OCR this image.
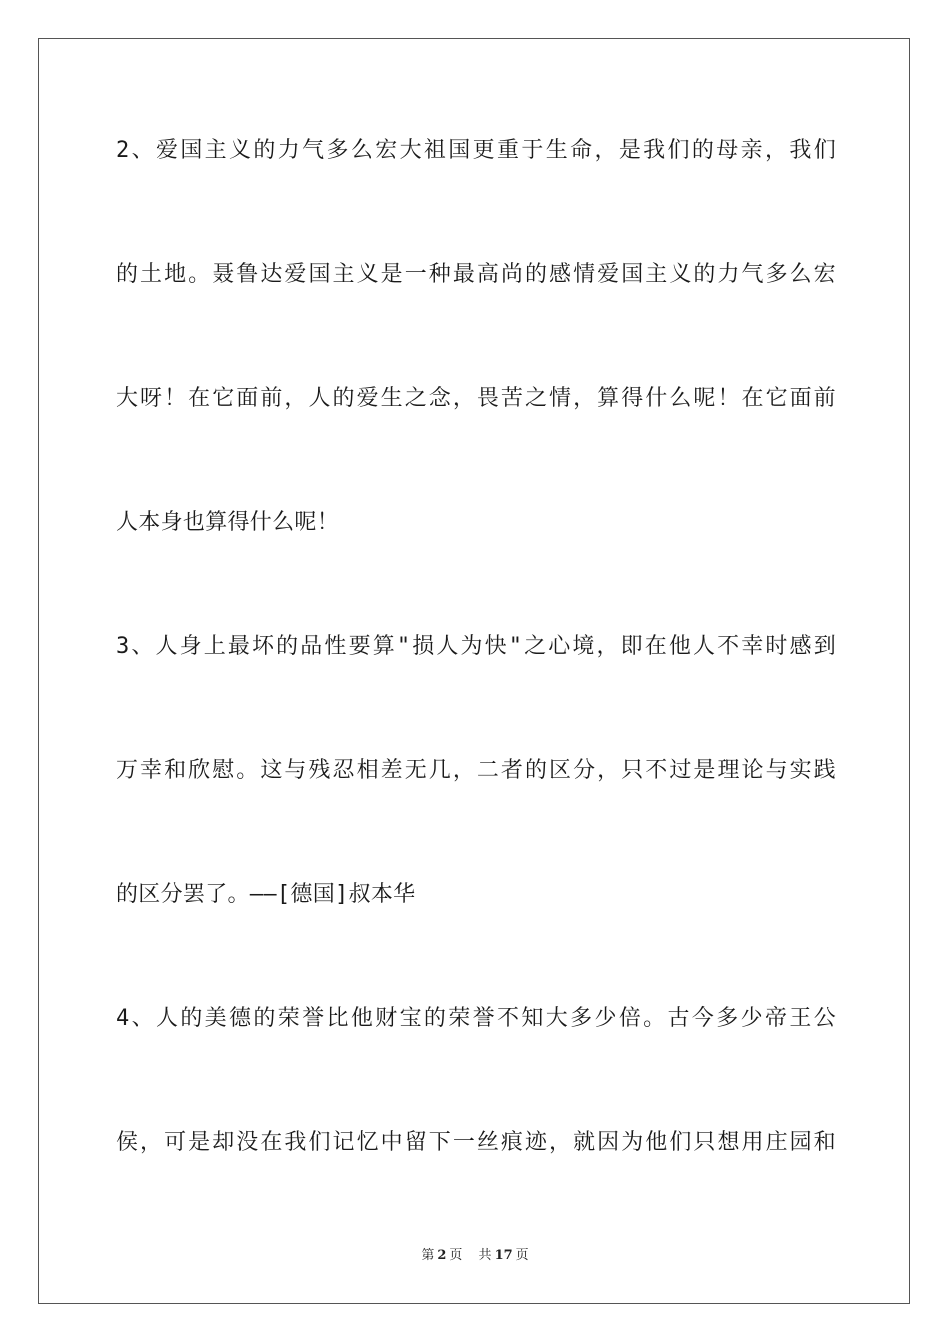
2、爱国主义的力气多么宏大祖国更重于生命，是我们的母亲，我们
的土地。聂鲁达爱国主义是一种最高尚的感情爱国主义的力气多么宏
大呀！在它面前，人的爱生之念，畏苦之情，算得什么呢！在它面前
人本身也算得什么呢！
3、人身上最坏的品性要算"损人为快"之心境，即在他人不幸时感到
万幸和欣慰。这与残忍相差无几，二者的区分，只不过是理论与实践
的区分罢了。——[德国]叔本华
4、人的美德的荣誉比他财宝的荣誉不知大多少倍。古今多少帝王公
侯，可是却没在我们记忆中留下一丝痕迹，就因为他们只想用庄园和
第 2 页 共 17 页
